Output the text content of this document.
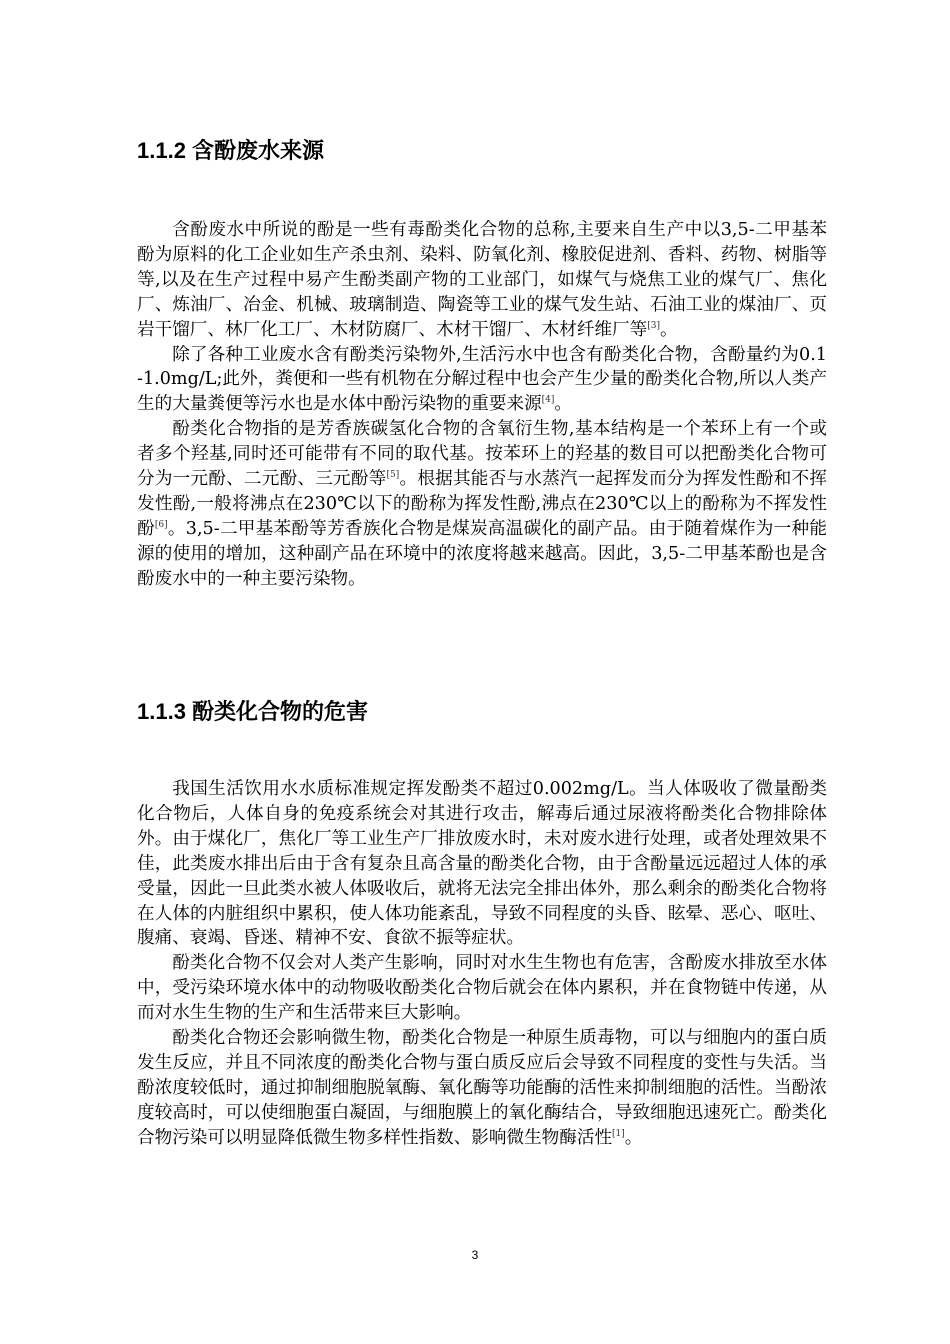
1.1.2 含酚废水来源

含酚废水中所说的酚是一些有毒酚类化合物的总称,主要来自生产中以3,5-二甲基苯酚为原料的化工企业如生产杀虫剂、染料、防氧化剂、橡胶促进剂、香料、药物、树脂等等,以及在生产过程中易产生酚类副产物的工业部门，如煤气与烧焦工业的煤气厂、焦化厂、炼油厂、冶金、机械、玻璃制造、陶瓷等工业的煤气发生站、石油工业的煤油厂、页岩干馏厂、林厂化工厂、木材防腐厂、木材干馏厂、木材纤维厂等[3]。

除了各种工业废水含有酚类污染物外,生活污水中也含有酚类化合物，含酚量约为0.1-1.0mg/L;此外，粪便和一些有机物在分解过程中也会产生少量的酚类化合物,所以人类产生的大量粪便等污水也是水体中酚污染物的重要来源[4]。

酚类化合物指的是芳香族碳氢化合物的含氧衍生物,基本结构是一个苯环上有一个或者多个羟基,同时还可能带有不同的取代基。按苯环上的羟基的数目可以把酚类化合物可分为一元酚、二元酚、三元酚等[5]。根据其能否与水蒸汽一起挥发而分为挥发性酚和不挥发性酚,一般将沸点在230℃以下的酚称为挥发性酚,沸点在230℃以上的酚称为不挥发性酚[6]。3,5-二甲基苯酚等芳香族化合物是煤炭高温碳化的副产品。由于随着煤作为一种能源的使用的增加，这种副产品在环境中的浓度将越来越高。因此，3,5-二甲基苯酚也是含酚废水中的一种主要污染物。

1.1.3 酚类化合物的危害

我国生活饮用水水质标准规定挥发酚类不超过0.002mg/L。当人体吸收了微量酚类化合物后，人体自身的免疫系统会对其进行攻击，解毒后通过尿液将酚类化合物排除体外。由于煤化厂，焦化厂等工业生产厂排放废水时，未对废水进行处理，或者处理效果不佳，此类废水排出后由于含有复杂且高含量的酚类化合物，由于含酚量远远超过人体的承受量，因此一旦此类水被人体吸收后，就将无法完全排出体外，那么剩余的酚类化合物将在人体的内脏组织中累积，使人体功能紊乱，导致不同程度的头昏、眩晕、恶心、呕吐、腹痛、衰竭、昏迷、精神不安、食欲不振等症状。

酚类化合物不仅会对人类产生影响，同时对水生生物也有危害，含酚废水排放至水体中，受污染环境水体中的动物吸收酚类化合物后就会在体内累积，并在食物链中传递，从而对水生生物的生产和生活带来巨大影响。

酚类化合物还会影响微生物，酚类化合物是一种原生质毒物，可以与细胞内的蛋白质发生反应，并且不同浓度的酚类化合物与蛋白质反应后会导致不同程度的变性与失活。当酚浓度较低时，通过抑制细胞脱氧酶、氧化酶等功能酶的活性来抑制细胞的活性。当酚浓度较高时，可以使细胞蛋白凝固，与细胞膜上的氧化酶结合，导致细胞迅速死亡。酚类化合物污染可以明显降低微生物多样性指数、影响微生物酶活性[1]。

3
